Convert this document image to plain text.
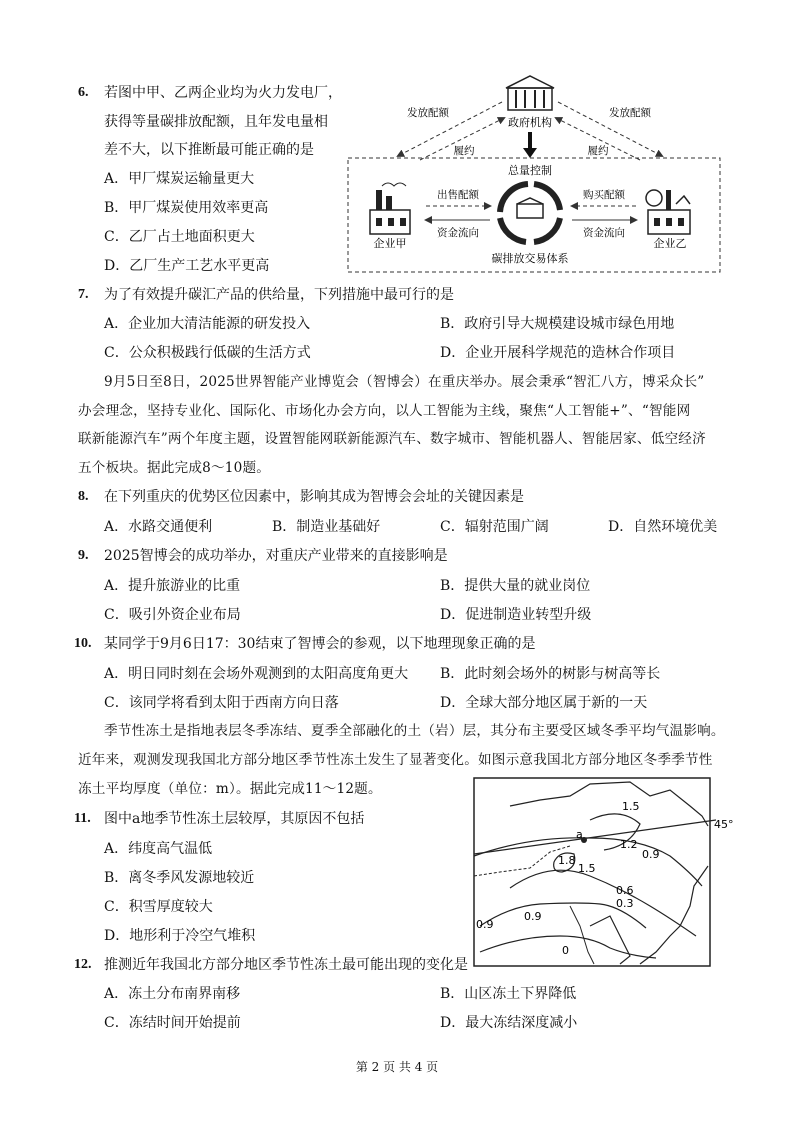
6. 若图中甲、乙两企业均为火力发电厂，
获得等量碳排放配额，且年发电量相
差不大，以下推断最可能正确的是
A．甲厂煤炭运输量更大
B．甲厂煤炭使用效率更高
C．乙厂占土地面积更大
D．乙厂生产工艺水平更高
政府机构
发放配额	发放配额
履约	履约
总量控制
企业甲	企业乙
出售配额	购买配额
资金流向	资金流向
碳排放交易体系
7. 为了有效提升碳汇产品的供给量，下列措施中最可行的是
A．企业加大清洁能源的研发投入	B．政府引导大规模建设城市绿色用地
C．公众积极践行低碳的生活方式	D．企业开展科学规范的造林合作项目
9月5日至8日，2025世界智能产业博览会（智博会）在重庆举办。展会秉承“智汇八方，博采众长”
办会理念，坚持专业化、国际化、市场化办会方向，以人工智能为主线，聚焦“人工智能+”、“智能网
联新能源汽车”两个年度主题，设置智能网联新能源汽车、数字城市、智能机器人、智能居家、低空经济
五个板块。据此完成8～10题。
8. 在下列重庆的优势区位因素中，影响其成为智博会会址的关键因素是
A．水路交通便利	B．制造业基础好	C．辐射范围广阔	D．自然环境优美
9. 2025智博会的成功举办，对重庆产业带来的直接影响是
A．提升旅游业的比重	B．提供大量的就业岗位
C．吸引外资企业布局	D．促进制造业转型升级
10. 某同学于9月6日17：30结束了智博会的参观，以下地理现象正确的是
A．明日同时刻在会场外观测到的太阳高度角更大 B．此时刻会场外的树影与树高等长
C．该同学将看到太阳于西南方向日落	D．全球大部分地区属于新的一天
季节性冻土是指地表层冬季冻结、夏季全部融化的土（岩）层，其分布主要受区域冬季平均气温影响。
近年来，观测发现我国北方部分地区季节性冻土发生了显著变化。如图示意我国北方部分地区冬季季节性
冻土平均厚度（单位：m）。据此完成11～12题。
45°
a
1.5
1.2
0.9
1.8
1.5
0.6
0.3
0.9
0.9
0
11. 图中a地季节性冻土层较厚，其原因不包括
A．纬度高气温低
B．离冬季风发源地较近
C．积雪厚度较大
D．地形利于冷空气堆积
12. 推测近年我国北方部分地区季节性冻土最可能出现的变化是
A．冻土分布南界南移	B．山区冻土下界降低
C．冻结时间开始提前	D．最大冻结深度减小
第 2 页 共 4 页
